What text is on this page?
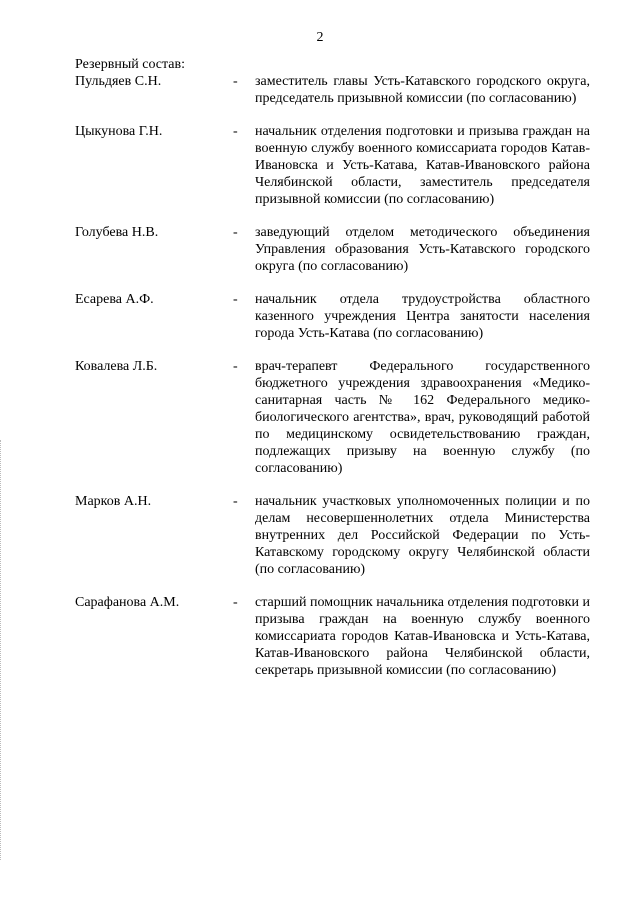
2
Резервный состав:
Пульдяев С.Н.	-	заместитель главы Усть-Катавского городского округа, председатель призывной комиссии (по согласованию)
Цыкунова Г.Н.	-	начальник отделения подготовки и призыва граждан на военную службу военного комиссариата городов Катав-Ивановска и Усть-Катава, Катав-Ивановского района Челябинской области, заместитель председателя призывной комиссии (по согласованию)
Голубева Н.В.	-	заведующий отделом методического объединения Управления образования Усть-Катавского городского округа (по согласованию)
Есарева А.Ф.	-	начальник отдела трудоустройства областного казенного учреждения Центра занятости населения города Усть-Катава (по согласованию)
Ковалева Л.Б.	-	врач-терапевт Федерального государственного бюджетного учреждения здравоохранения «Медико-санитарная часть № 162 Федерального медико-биологического агентства», врач, руководящий работой по медицинскому освидетельствованию граждан, подлежащих призыву на военную службу (по согласованию)
Марков А.Н.	-	начальник участковых уполномоченных полиции и по делам несовершеннолетних отдела Министерства внутренних дел Российской Федерации по Усть-Катавскому городскому округу Челябинской области (по согласованию)
Сарафанова А.М.	-	старший помощник начальника отделения подготовки и призыва граждан на военную службу военного комиссариата городов Катав-Ивановска и Усть-Катава, Катав-Ивановского района Челябинской области, секретарь призывной комиссии (по согласованию)
